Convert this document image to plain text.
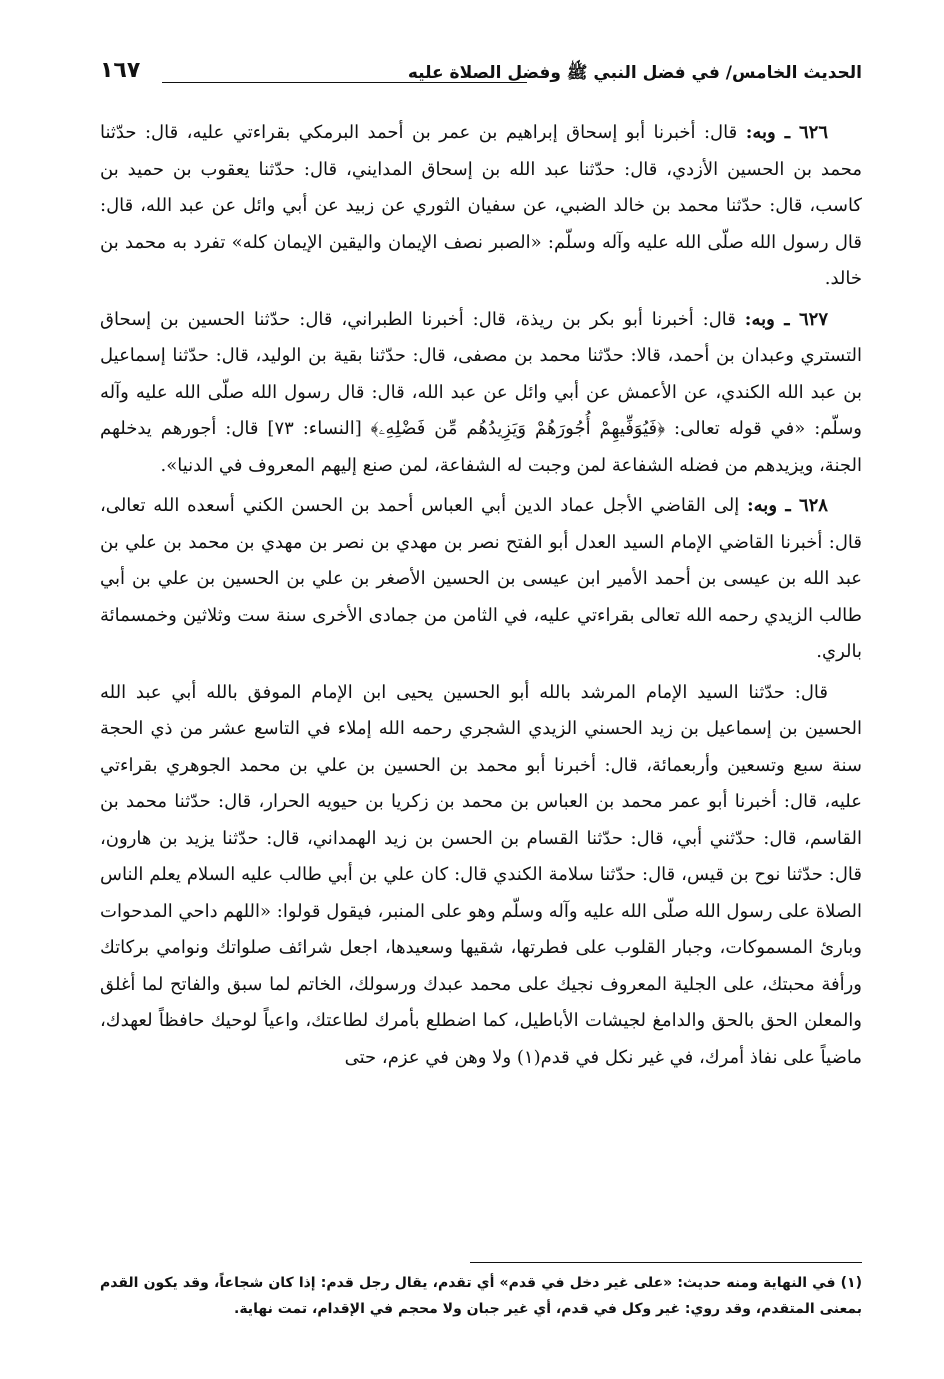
الحديث الخامس/ في فضل النبي ﷺ وفضل الصلاة عليه
١٦٧

٦٢٦ ـ وبه: قال: أخبرنا أبو إسحاق إبراهيم بن عمر بن أحمد البرمكي بقراءتي عليه، قال: حدّثنا محمد بن الحسين الأزدي، قال: حدّثنا عبد الله بن إسحاق المدايني، قال: حدّثنا يعقوب بن حميد بن كاسب، قال: حدّثنا محمد بن خالد الضبي، عن سفيان الثوري عن زبيد عن أبي وائل عن عبد الله، قال: قال رسول الله صلّى الله عليه وآله وسلّم: «الصبر نصف الإيمان واليقين الإيمان كله» تفرد به محمد بن خالد.

٦٢٧ ـ وبه: قال: أخبرنا أبو بكر بن ريذة، قال: أخبرنا الطبراني، قال: حدّثنا الحسين بن إسحاق التستري وعبدان بن أحمد، قالا: حدّثنا محمد بن مصفى، قال: حدّثنا بقية بن الوليد، قال: حدّثنا إسماعيل بن عبد الله الكندي، عن الأعمش عن أبي وائل عن عبد الله، قال: قال رسول الله صلّى الله عليه وآله وسلّم: «في قوله تعالى: ﴿فَيُوَفِّيهِمْ أُجُورَهُمْ وَيَزِيدُهُم مِّن فَضْلِهِۦ﴾ [النساء: ٧٣] قال: أجورهم يدخلهم الجنة، ويزيدهم من فضله الشفاعة لمن وجبت له الشفاعة، لمن صنع إليهم المعروف في الدنيا».

٦٢٨ ـ وبه: إلى القاضي الأجل عماد الدين أبي العباس أحمد بن الحسن الكني أسعده الله تعالى، قال: أخبرنا القاضي الإمام السيد العدل أبو الفتح نصر بن مهدي بن نصر بن مهدي بن محمد بن علي بن عبد الله بن عيسى بن أحمد الأمير ابن عيسى بن الحسين الأصغر بن علي بن الحسين بن علي بن أبي طالب الزيدي رحمه الله تعالى بقراءتي عليه، في الثامن من جمادى الأخرى سنة ست وثلاثين وخمسمائة بالري.

قال: حدّثنا السيد الإمام المرشد بالله أبو الحسين يحيى ابن الإمام الموفق بالله أبي عبد الله الحسين بن إسماعيل بن زيد الحسني الزيدي الشجري رحمه الله إملاء في التاسع عشر من ذي الحجة سنة سبع وتسعين وأربعمائة، قال: أخبرنا أبو محمد بن الحسين بن علي بن محمد الجوهري بقراءتي عليه، قال: أخبرنا أبو عمر محمد بن العباس بن محمد بن زكريا بن حيويه الحرار، قال: حدّثنا محمد بن القاسم، قال: حدّثني أبي، قال: حدّثنا القسام بن الحسن بن زيد الهمداني، قال: حدّثنا يزيد بن هارون، قال: حدّثنا نوح بن قيس، قال: حدّثنا سلامة الكندي قال: كان علي بن أبي طالب عليه السلام يعلم الناس الصلاة على رسول الله صلّى الله عليه وآله وسلّم وهو على المنبر، فيقول قولوا: «اللهم داحي المدحوات وبارئ المسموكات، وجبار القلوب على فطرتها، شقيها وسعيدها، اجعل شرائف صلواتك ونوامي بركاتك ورأفة محبتك، على الجلية المعروف نجيك على محمد عبدك ورسولك، الخاتم لما سبق والفاتح لما أغلق والمعلن الحق بالحق والدامغ لجيشات الأباطيل، كما اضطلع بأمرك لطاعتك، واعياً لوحيك حافظاً لعهدك، ماضياً على نفاذ أمرك، في غير نكل في قدم(١) ولا وهن في عزم، حتى

(١) في النهاية ومنه حديث: «على غير دخل في قدم» أي تقدم، يقال رجل قدم: إذا كان شجاعاً، وقد يكون القدم بمعنى المتقدم، وقد روي: غير وكل في قدم، أي غير جبان ولا محجم في الإقدام، تمت نهاية.
